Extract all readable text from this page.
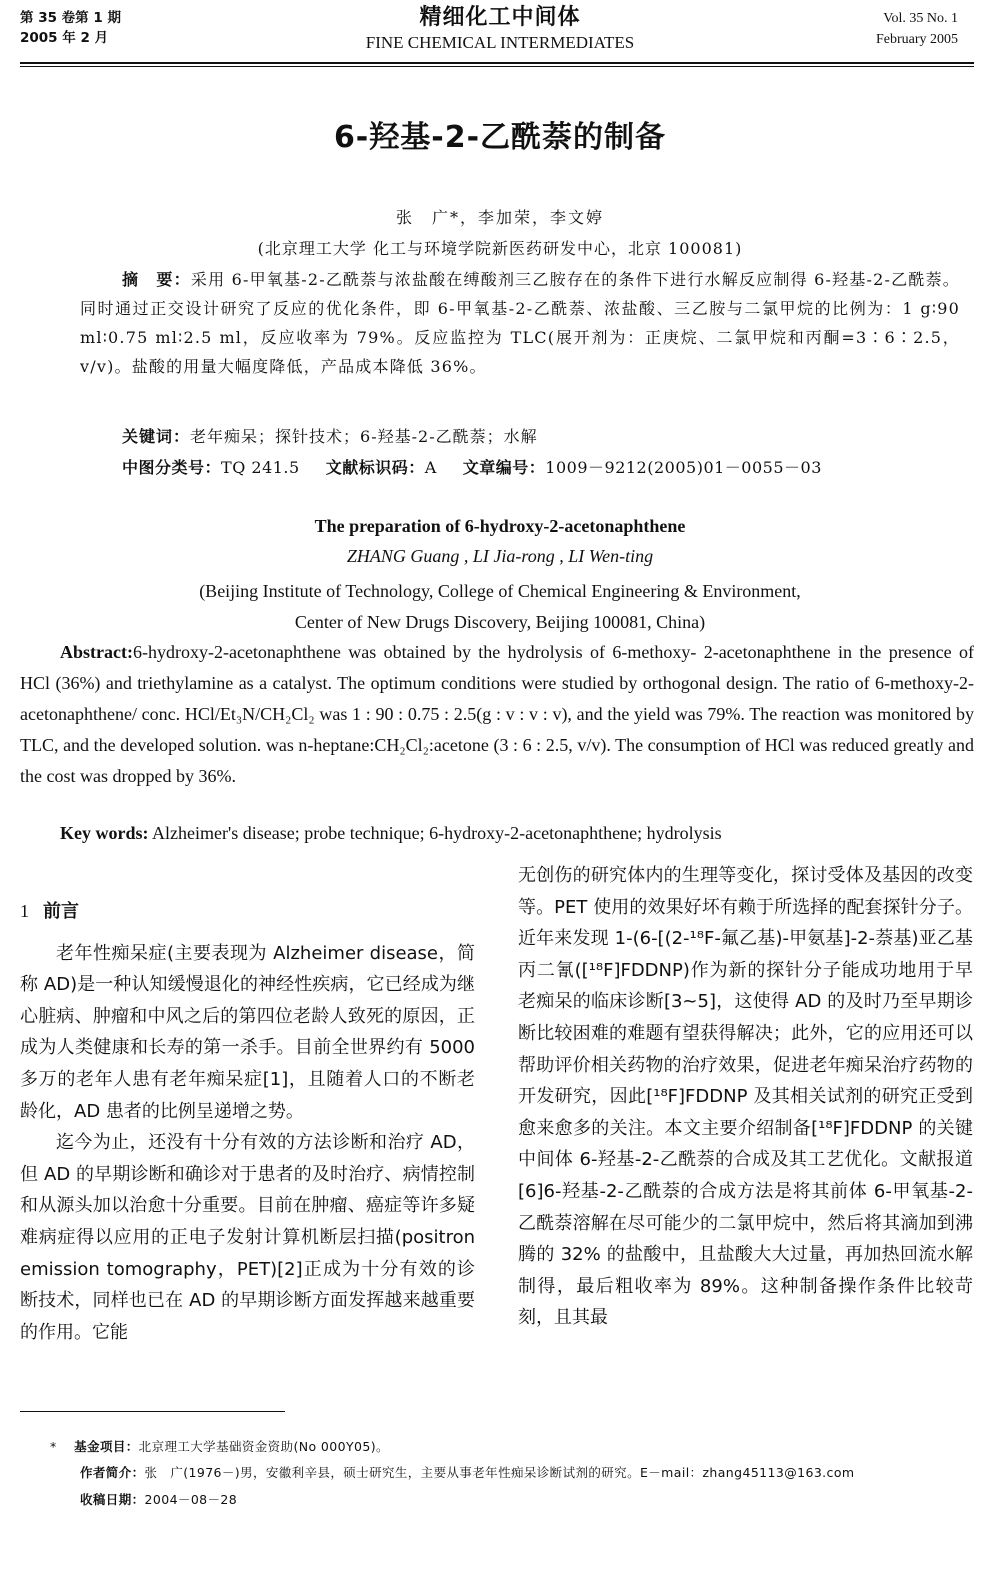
第 35 卷第 1 期
2005 年 2 月
精细化工中间体
FINE CHEMICAL INTERMEDIATES
Vol. 35 No. 1
February 2005
6-羟基-2-乙酰萘的制备
张　广*，李加荣，李文婷
(北京理工大学 化工与环境学院新医药研发中心，北京 100081)

摘　要：采用 6-甲氧基-2-乙酰萘与浓盐酸在缚酸剂三乙胺存在的条件下进行水解反应制得 6-羟基-2-乙酰萘。同时通过正交设计研究了反应的优化条件，即 6-甲氧基-2-乙酰萘、浓盐酸、三乙胺与二氯甲烷的比例为：1 g∶90 ml∶0.75 ml∶2.5 ml，反应收率为 79%。反应监控为 TLC(展开剂为：正庚烷、二氯甲烷和丙酮=3∶6∶2.5，v/v)。盐酸的用量大幅度降低，产品成本降低 36%。

关键词：老年痴呆；探针技术；6-羟基-2-乙酰萘；水解
中图分类号：TQ 241.5 文献标识码：A 文章编号：1009－9212(2005)01－0055－03
The preparation of 6-hydroxy-2-acetonaphthene
ZHANG Guang , LI Jia-rong , LI Wen-ting
(Beijing Institute of Technology, College of Chemical Engineering & Environment,
Center of New Drugs Discovery, Beijing 100081, China)
Abstract:6-hydroxy-2-acetonaphthene was obtained by the hydrolysis of 6-methoxy- 2-acetonaphthene in the presence of HCl (36%) and triethylamine as a catalyst. The optimum conditions were studied by orthogonal design. The ratio of 6-methoxy-2-acetonaphthene/ conc. HCl/Et₃N/CH₂Cl₂ was 1 : 90 : 0.75 : 2.5(g : v : v : v), and the yield was 79%. The reaction was monitored by TLC, and the developed solution. was n-heptane:CH₂Cl₂:acetone (3 : 6 : 2.5, v/v). The consumption of HCl was reduced greatly and the cost was dropped by 36%.
Key words: Alzheimer's disease; probe technique; 6-hydroxy-2-acetonaphthene; hydrolysis

1 前言

老年性痴呆症(主要表现为 Alzheimer disease，简称 AD)是一种认知缓慢退化的神经性疾病，它已经成为继心脏病、肿瘤和中风之后的第四位老龄人致死的原因，正成为人类健康和长寿的第一杀手。目前全世界约有 5000 多万的老年人患有老年痴呆症[1]，且随着人口的不断老龄化，AD 患者的比例呈递增之势。

迄今为止，还没有十分有效的方法诊断和治疗 AD，但 AD 的早期诊断和确诊对于患者的及时治疗、病情控制和从源头加以治愈十分重要。目前在肿瘤、癌症等许多疑难病症得以应用的正电子发射计算机断层扫描(positron emission tomography，PET)[2]正成为十分有效的诊断技术，同样也已在 AD 的早期诊断方面发挥越来越重要的作用。它能

无创伤的研究体内的生理等变化，探讨受体及基因的改变等。PET 使用的效果好坏有赖于所选择的配套探针分子。近年来发现 1-(6-[(2-¹⁸F-氟乙基)-甲氨基]-2-萘基)亚乙基丙二氰([¹⁸F]FDDNP)作为新的探针分子能成功地用于早老痴呆的临床诊断[3~5]，这使得 AD 的及时乃至早期诊断比较困难的难题有望获得解决；此外，它的应用还可以帮助评价相关药物的治疗效果，促进老年痴呆治疗药物的开发研究，因此[¹⁸F]FDDNP 及其相关试剂的研究正受到愈来愈多的关注。本文主要介绍制备[¹⁸F]FDDNP 的关键中间体 6-羟基-2-乙酰萘的合成及其工艺优化。文献报道[6]6-羟基-2-乙酰萘的合成方法是将其前体 6-甲氧基-2-乙酰萘溶解在尽可能少的二氯甲烷中，然后将其滴加到沸腾的 32% 的盐酸中，且盐酸大大过量，再加热回流水解制得，最后粗收率为 89%。这种制备操作条件比较苛刻，且其最

* 基金项目：北京理工大学基础资金资助(No 000Y05)。
作者简介：张　广(1976－)男，安徽利辛县，硕士研究生，主要从事老年性痴呆诊断试剂的研究。E－mail：zhang45113@163.com
收稿日期：2004－08－28
